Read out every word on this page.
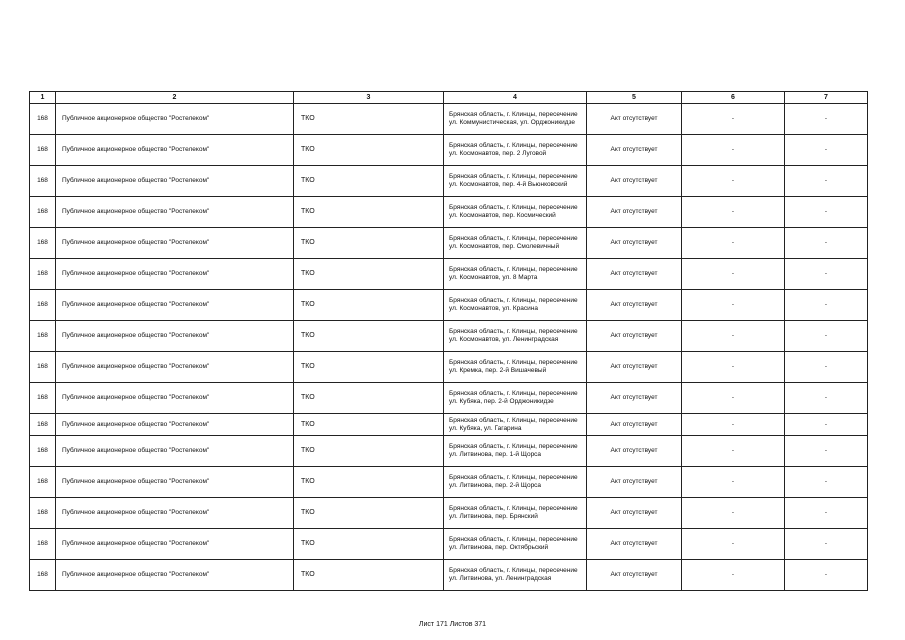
1	2	3	4	5	6	7
168	Публичное акционерное общество "Ростелеком"	ТКО	Брянская область, г. Клинцы, пересечение ул. Коммунистическая, ул. Орджоникидзе	Акт отсутствует	-	-
168	Публичное акционерное общество "Ростелеком"	ТКО	Брянская область, г. Клинцы, пересечение ул. Космонавтов, пер. 2 Луговой	Акт отсутствует	-	-
168	Публичное акционерное общество "Ростелеком"	ТКО	Брянская область, г. Клинцы, пересечение ул. Космонавтов, пер. 4-й Вьюнковский	Акт отсутствует	-	-
168	Публичное акционерное общество "Ростелеком"	ТКО	Брянская область, г. Клинцы, пересечение ул. Космонавтов, пер. Космический	Акт отсутствует	-	-
168	Публичное акционерное общество "Ростелеком"	ТКО	Брянская область, г. Клинцы, пересечение ул. Космонавтов, пер. Смолевичный	Акт отсутствует	-	-
168	Публичное акционерное общество "Ростелеком"	ТКО	Брянская область, г. Клинцы, пересечение ул. Космонавтов, ул. 8 Марта	Акт отсутствует	-	-
168	Публичное акционерное общество "Ростелеком"	ТКО	Брянская область, г. Клинцы, пересечение ул. Космонавтов, ул. Красина	Акт отсутствует	-	-
168	Публичное акционерное общество "Ростелеком"	ТКО	Брянская область, г. Клинцы, пересечение ул. Космонавтов, ул. Ленинградская	Акт отсутствует	-	-
168	Публичное акционерное общество "Ростелеком"	ТКО	Брянская область, г. Клинцы, пересечение ул. Кремка, пер. 2-й Вишачевый	Акт отсутствует	-	-
168	Публичное акционерное общество "Ростелеком"	ТКО	Брянская область, г. Клинцы, пересечение ул. Кубяка, пер. 2-й Орджоникидзе	Акт отсутствует	-	-
168	Публичное акционерное общество "Ростелеком"	ТКО	Брянская область, г. Клинцы, пересечение ул. Кубяка, ул. Гагарина	Акт отсутствует	-	-
168	Публичное акционерное общество "Ростелеком"	ТКО	Брянская область, г. Клинцы, пересечение ул. Литвинова, пер. 1-й Щорса	Акт отсутствует	-	-
168	Публичное акционерное общество "Ростелеком"	ТКО	Брянская область, г. Клинцы, пересечение ул. Литвинова, пер. 2-й Щорса	Акт отсутствует	-	-
168	Публичное акционерное общество "Ростелеком"	ТКО	Брянская область, г. Клинцы, пересечение ул. Литвинова, пер. Брянский	Акт отсутствует	-	-
168	Публичное акционерное общество "Ростелеком"	ТКО	Брянская область, г. Клинцы, пересечение ул. Литвинова, пер. Октябрьский	Акт отсутствует	-	-
168	Публичное акционерное общество "Ростелеком"	ТКО	Брянская область, г. Клинцы, пересечение ул. Литвинова, ул. Ленинградская	Акт отсутствует	-	-
Лист 171 Листов 371
